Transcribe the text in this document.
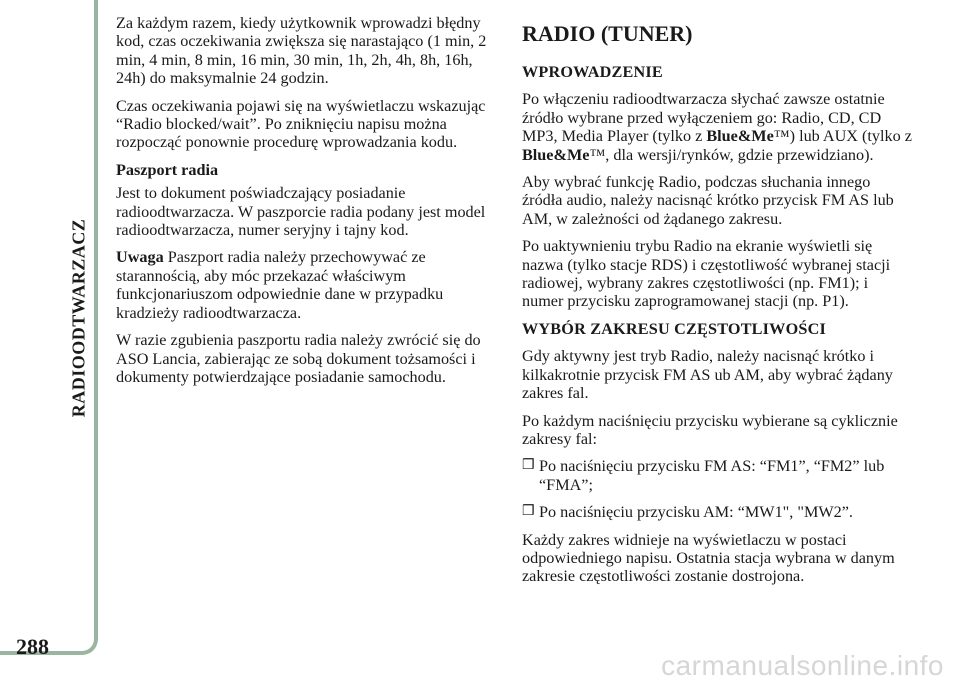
RADIOODTWARZACZ
288

Za każdym razem, kiedy użytkownik wprowadzi błędny kod, czas oczekiwania zwiększa się narastająco (1 min, 2 min, 4 min, 8 min, 16 min, 30 min, 1h, 2h, 4h, 8h, 16h, 24h) do maksymalnie 24 godzin.

Czas oczekiwania pojawi się na wyświetlaczu wskazując “Radio blocked/wait”. Po zniknięciu napisu można rozpocząć ponownie procedurę wprowadzania kodu.

Paszport radia

Jest to dokument poświadczający posiadanie radioodtwarzacza. W paszporcie radia podany jest model radioodtwarzacza, numer seryjny i tajny kod.

Uwaga Paszport radia należy przechowywać ze starannością, aby móc przekazać właściwym funkcjonariuszom odpowiednie dane w przypadku kradzieży radioodtwarzacza.

W razie zgubienia paszportu radia należy zwrócić się do ASO Lancia, zabierając ze sobą dokument tożsamości i dokumenty potwierdzające posiadanie samochodu.

RADIO (TUNER)
WPROWADZENIE

Po włączeniu radioodtwarzacza słychać zawsze ostatnie źródło wybrane przed wyłączeniem go: Radio, CD, CD MP3, Media Player (tylko z Blue&Me™) lub AUX (tylko z Blue&Me™, dla wersji/rynków, gdzie przewidziano).

Aby wybrać funkcję Radio, podczas słuchania innego źródła audio, należy nacisnąć krótko przycisk FM AS lub AM, w zależności od żądanego zakresu.

Po uaktywnieniu trybu Radio na ekranie wyświetli się nazwa (tylko stacje RDS) i częstotliwość wybranej stacji radiowej, wybrany zakres częstotliwości (np. FM1); i numer przycisku zaprogramowanej stacji (np. P1).

WYBÓR ZAKRESU CZĘSTOTLIWOŚCI

Gdy aktywny jest tryb Radio, należy nacisnąć krótko i kilkakrotnie przycisk FM AS ub AM, aby wybrać żądany zakres fal.

Po każdym naciśnięciu przycisku wybierane są cyklicznie zakresy fal:

❒ Po naciśnięciu przycisku FM AS: “FM1”, “FM2” lub “FMA”;
❒ Po naciśnięciu przycisku AM: “MW1", "MW2”.

Każdy zakres widnieje na wyświetlaczu w postaci odpowiedniego napisu. Ostatnia stacja wybrana w danym zakresie częstotliwości zostanie dostrojona.

carmanualsonline.info
